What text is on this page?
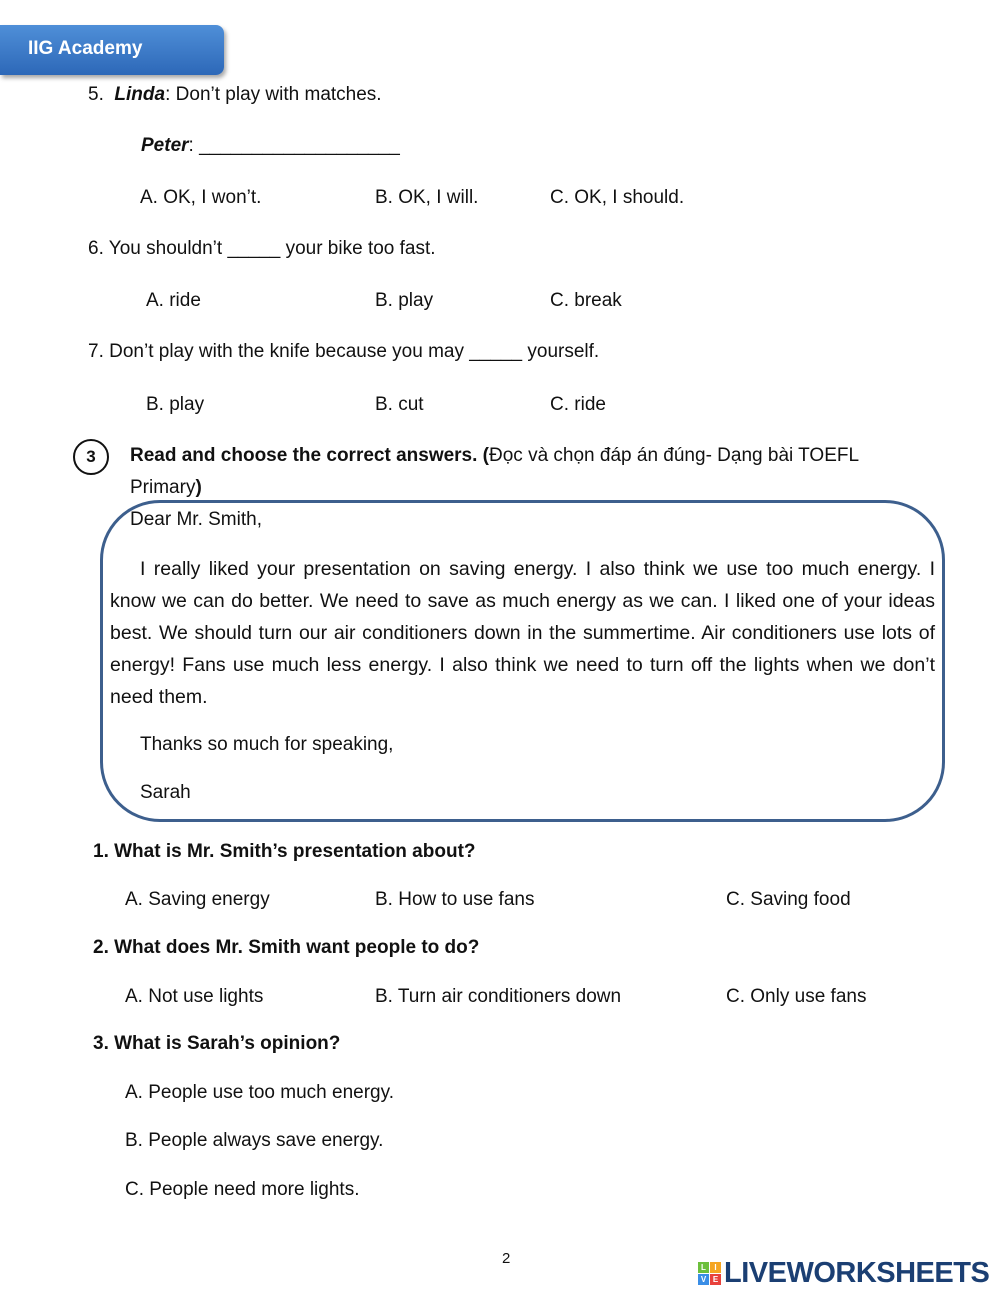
IIG Academy
5. Linda: Don’t play with matches.
Peter: ___________________
A. OK, I won’t.	B. OK, I will.	C. OK, I should.
6. You shouldn’t _____ your bike too fast.
A. ride	B. play	C. break
7. Don’t play with the knife because you may _____ yourself.
B. play	B. cut	C. ride
3	Read and choose the correct answers. (Đọc và chọn đáp án đúng- Dạng bài TOEFL
Primary)
Dear Mr. Smith,
I really liked your presentation on saving energy. I also think we use too much energy. I know we can do better. We need to save as much energy as we can. I liked one of your ideas best. We should turn our air conditioners down in the summertime. Air conditioners use lots of energy! Fans use much less energy. I also think we need to turn off the lights when we don’t need them.
Thanks so much for speaking,
Sarah
1. What is Mr. Smith’s presentation about?
A. Saving energy	B. How to use fans	C. Saving food
2. What does Mr. Smith want people to do?
A. Not use lights	B. Turn air conditioners down	C. Only use fans
3. What is Sarah’s opinion?
A. People use too much energy.
B. People always save energy.
C. People need more lights.
2
L	I
V E LIVEWORKSHEETS
